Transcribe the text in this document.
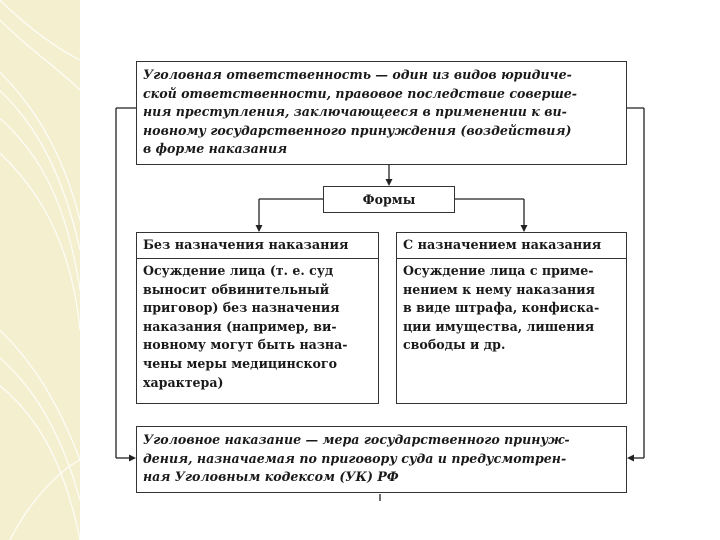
Уголовная ответственность — один из видов юридиче-
ской ответственности, правовое последствие соверше-
ния преступления, заключающееся в применении к ви-
новному государственного принуждения (воздействия)
в форме наказания
Формы
Без назначения наказания
Осуждение лица (т. е. суд
выносит обвинительный
приговор) без назначения
наказания (например, ви-
новному могут быть назна-
чены меры медицинского
характера)
С назначением наказания
Осуждение лица с приме-
нением к нему наказания
в виде штрафа, конфиска-
ции имущества, лишения
свободы и др.
Уголовное наказание — мера государственного принуж-
дения, назначаемая по приговору суда и предусмотрен-
ная Уголовным кодексом (УК) РФ
